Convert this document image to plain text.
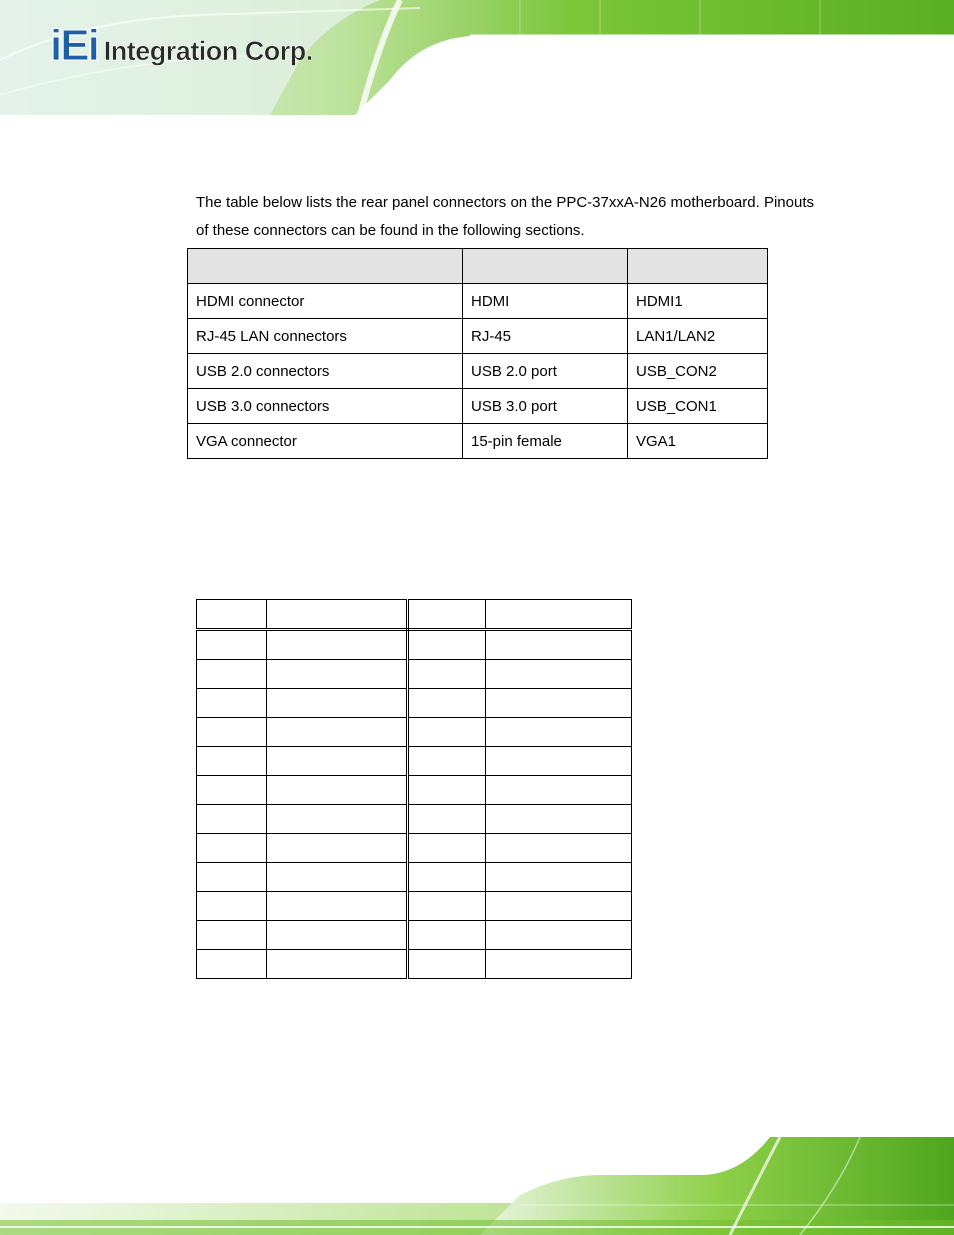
iEi Integration Corp.

The table below lists the rear panel connectors on the PPC-37xxA-N26 motherboard. Pinouts of these connectors can be found in the following sections.

HDMI connector	HDMI	HDMI1
RJ-45 LAN connectors	RJ-45	LAN1/LAN2
USB 2.0 connectors	USB 2.0 port	USB_CON2
USB 3.0 connectors	USB 3.0 port	USB_CON1
VGA connector	15-pin female	VGA1
